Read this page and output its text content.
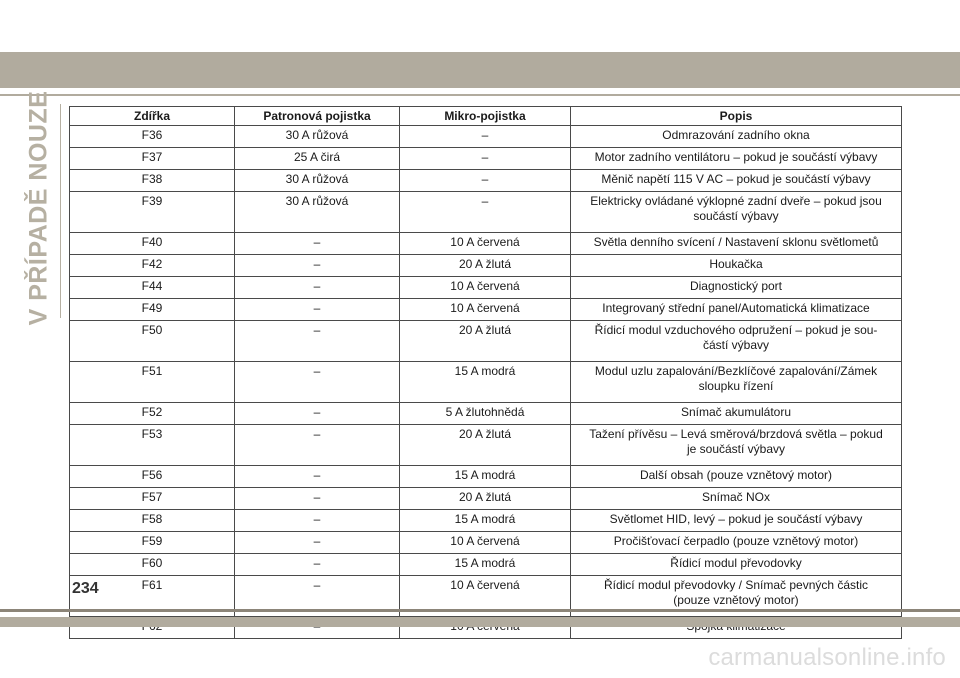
V PŘÍPADĚ NOUZE	Zdířka	Patronová pojistka	Mikro-pojistka	Popis
F36	30 A růžová	–	Odmrazování zadního okna
F37	25 A čirá	–	Motor zadního ventilátoru – pokud je součástí výbavy
F38	30 A růžová	–	Měnič napětí 115 V AC – pokud je součástí výbavy
F39	30 A růžová	–	Elektricky ovládané výklopné zadní dveře – pokud jsou
součástí výbavy
F40	–	10 A červená	Světla denního svícení / Nastavení sklonu světlometů
F42	–	20 A žlutá	Houkačka
F44	–	10 A červená	Diagnostický port
F49	–	10 A červená	Integrovaný střední panel/Automatická klimatizace
F50	–	20 A žlutá	Řídicí modul vzduchového odpružení – pokud je sou-
částí výbavy
F51	–	15 A modrá	Modul uzlu zapalování/Bezklíčové zapalování/Zámek
sloupku řízení
F52	–	5 A žlutohnědá	Snímač akumulátoru
F53	–	20 A žlutá	Tažení přívěsu – Levá směrová/brzdová světla – pokud
je součástí výbavy
F56	–	15 A modrá	Další obsah (pouze vznětový motor)
F57	–	20 A žlutá	Snímač NOx
F58	–	15 A modrá	Světlomet HID, levý – pokud je součástí výbavy
F59	–	10 A červená	Pročišťovací čerpadlo (pouze vznětový motor)
F60	–	15 A modrá	Řídicí modul převodovky
F61	–	10 A červená	Řídicí modul převodovky / Snímač pevných částic
(pouze vznětový motor)

234
carmanualsonline.info
